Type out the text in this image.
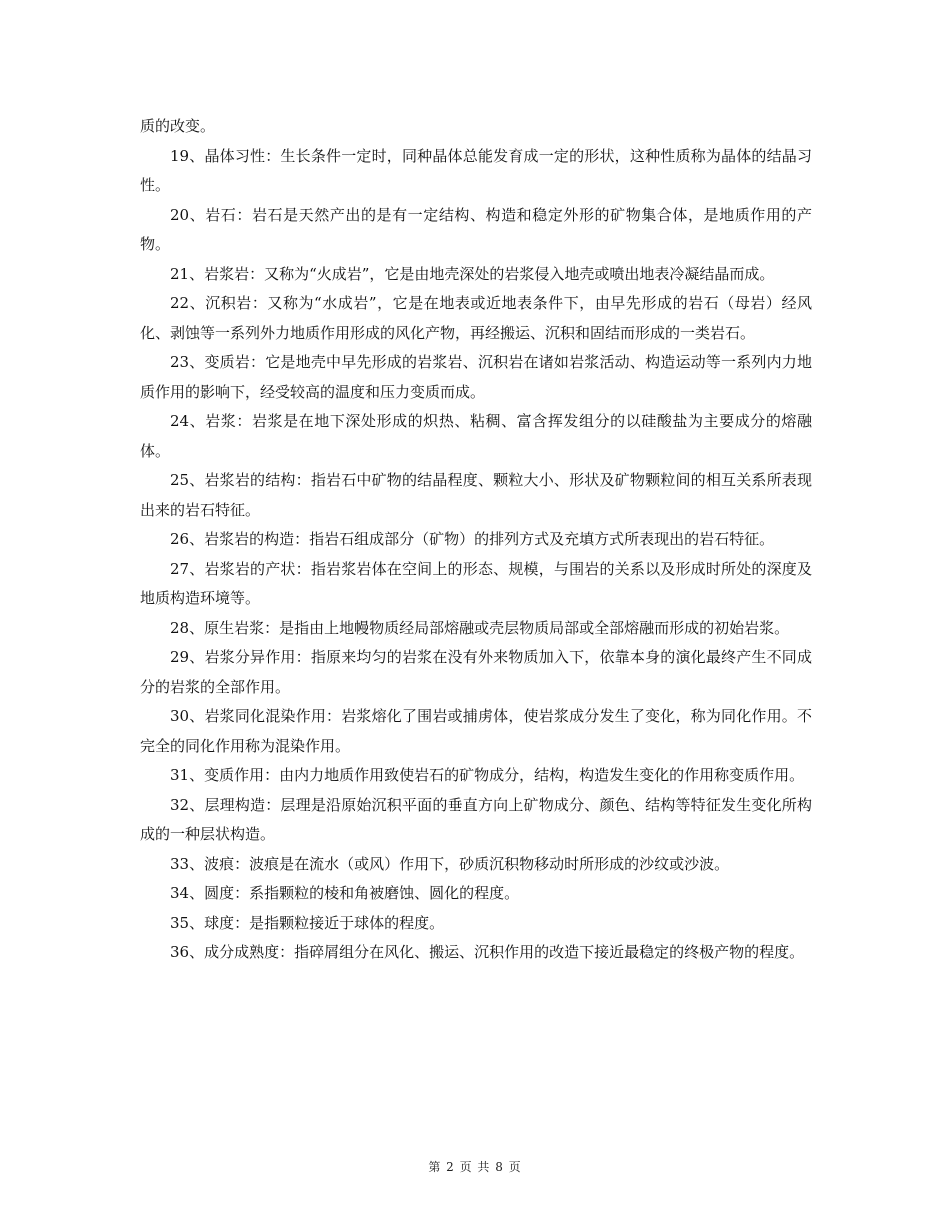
质的改变。

19、晶体习性：生长条件一定时，同种晶体总能发育成一定的形状，这种性质称为晶体的结晶习性。

20、岩石：岩石是天然产出的是有一定结构、构造和稳定外形的矿物集合体，是地质作用的产物。

21、岩浆岩：又称为“火成岩”，它是由地壳深处的岩浆侵入地壳或喷出地表冷凝结晶而成。

22、沉积岩：又称为“水成岩”，它是在地表或近地表条件下，由早先形成的岩石（母岩）经风化、剥蚀等一系列外力地质作用形成的风化产物，再经搬运、沉积和固结而形成的一类岩石。

23、变质岩：它是地壳中早先形成的岩浆岩、沉积岩在诸如岩浆活动、构造运动等一系列内力地质作用的影响下，经受较高的温度和压力变质而成。

24、岩浆：岩浆是在地下深处形成的炽热、粘稠、富含挥发组分的以硅酸盐为主要成分的熔融体。

25、岩浆岩的结构：指岩石中矿物的结晶程度、颗粒大小、形状及矿物颗粒间的相互关系所表现出来的岩石特征。

26、岩浆岩的构造：指岩石组成部分（矿物）的排列方式及充填方式所表现出的岩石特征。

27、岩浆岩的产状：指岩浆岩体在空间上的形态、规模，与围岩的关系以及形成时所处的深度及地质构造环境等。

28、原生岩浆：是指由上地幔物质经局部熔融或壳层物质局部或全部熔融而形成的初始岩浆。

29、岩浆分异作用：指原来均匀的岩浆在没有外来物质加入下，依靠本身的演化最终产生不同成分的岩浆的全部作用。

30、岩浆同化混染作用：岩浆熔化了围岩或捕虏体，使岩浆成分发生了变化，称为同化作用。不完全的同化作用称为混染作用。

31、变质作用：由内力地质作用致使岩石的矿物成分，结构，构造发生变化的作用称变质作用。

32、层理构造：层理是沿原始沉积平面的垂直方向上矿物成分、颜色、结构等特征发生变化所构成的一种层状构造。

33、波痕：波痕是在流水（或风）作用下，砂质沉积物移动时所形成的沙纹或沙波。

34、圆度：系指颗粒的棱和角被磨蚀、圆化的程度。

35、球度：是指颗粒接近于球体的程度。

36、成分成熟度：指碎屑组分在风化、搬运、沉积作用的改造下接近最稳定的终极产物的程度。

第 2 页 共 8 页
